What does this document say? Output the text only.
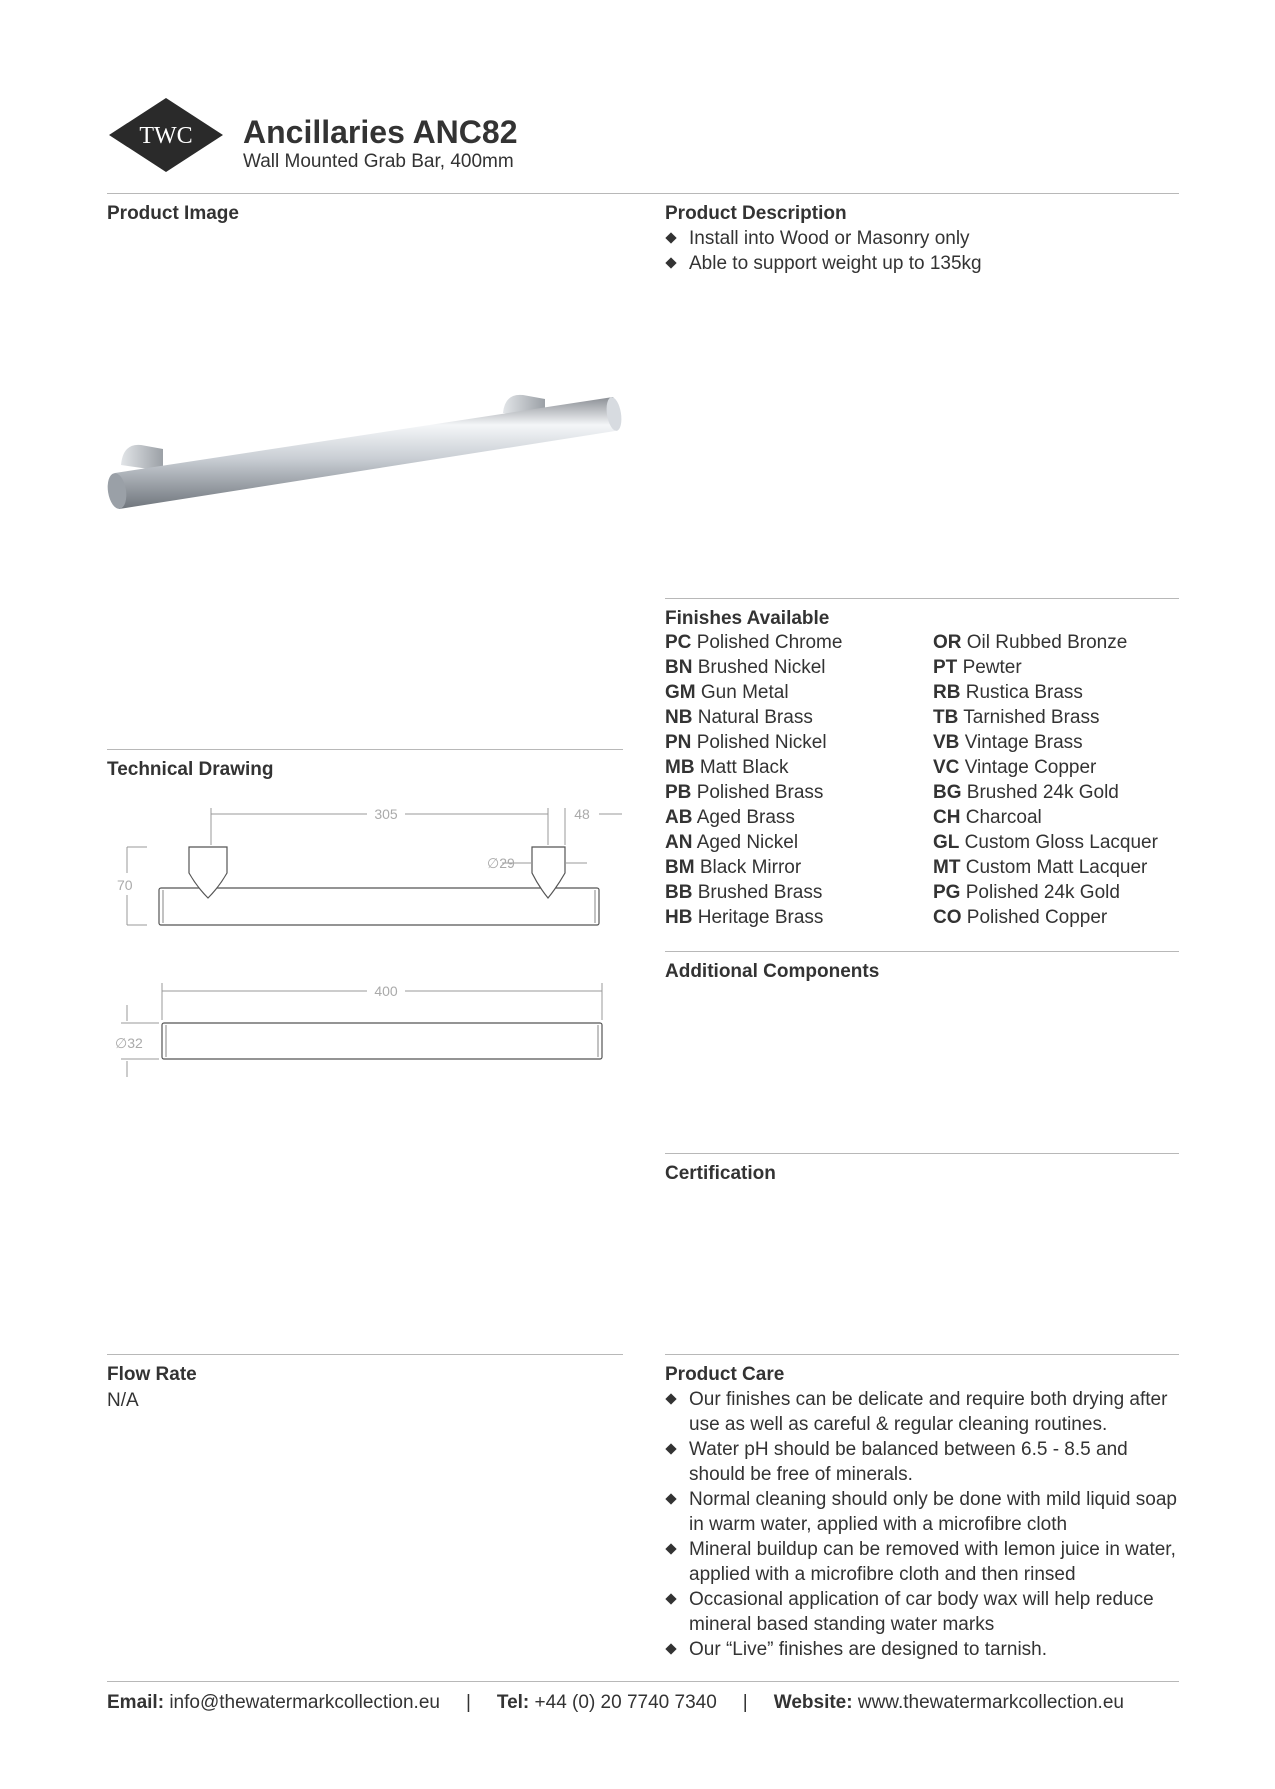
TWC Ancillaries ANC82
Wall Mounted Grab Bar, 400mm
Product Image
Technical Drawing
305	48
∅29
70
400
∅32
Flow Rate
N/A
Product Description
Install into Wood or Masonry only
Able to support weight up to 135kg
Finishes Available
PC Polished Chrome
BN Brushed Nickel
GM Gun Metal
NB Natural Brass
PN Polished Nickel
MB Matt Black
PB Polished Brass
AB Aged Brass
AN Aged Nickel
BM Black Mirror
BB Brushed Brass
HB Heritage Brass
OR Oil Rubbed Bronze
PT Pewter
RB Rustica Brass
TB Tarnished Brass
VB Vintage Brass
VC Vintage Copper
BG Brushed 24k Gold
CH Charcoal
GL Custom Gloss Lacquer
MT Custom Matt Lacquer
PG Polished 24k Gold
CO Polished Copper
Additional Components
Certification
Product Care
Our finishes can be delicate and require both drying after use as well as careful & regular cleaning routines.
Water pH should be balanced between 6.5 - 8.5 and should be free of minerals.
Normal cleaning should only be done with mild liquid soap in warm water, applied with a microfibre cloth
Mineral buildup can be removed with lemon juice in water, applied with a microfibre cloth and then rinsed
Occasional application of car body wax will help reduce mineral based standing water marks
Our “Live” finishes are designed to tarnish.
Email: info@thewatermarkcollection.eu | Tel: +44 (0) 20 7740 7340 | Website: www.thewatermarkcollection.eu
